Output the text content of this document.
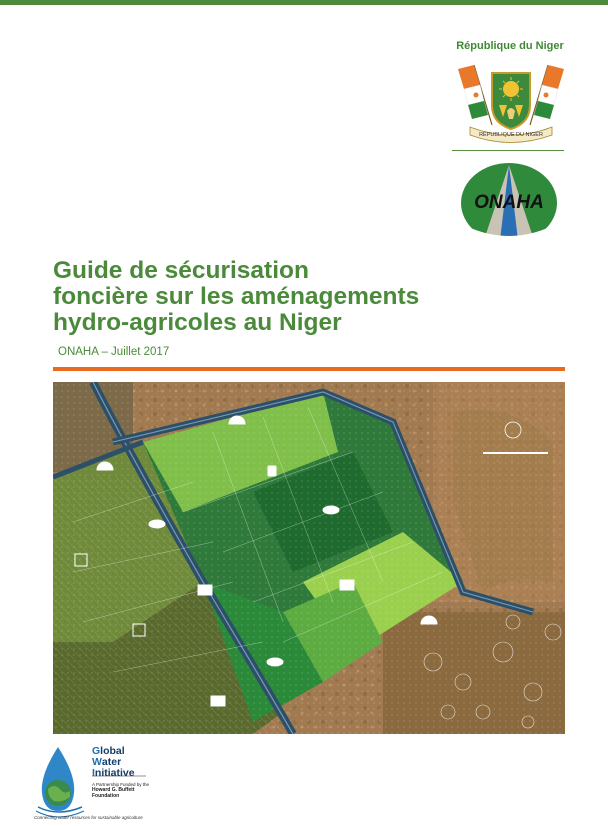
République du Niger
RÉPUBLIQUE DU NIGER
ONAHA
Guide de sécurisation
foncière sur les aménagements
hydro-agricoles au Niger
ONAHA – Juillet 2017
Global
Water
Initiative
A Partnership Funded by the
Howard G. Buffett Foundation
Connecting water resources for sustainable agriculture
